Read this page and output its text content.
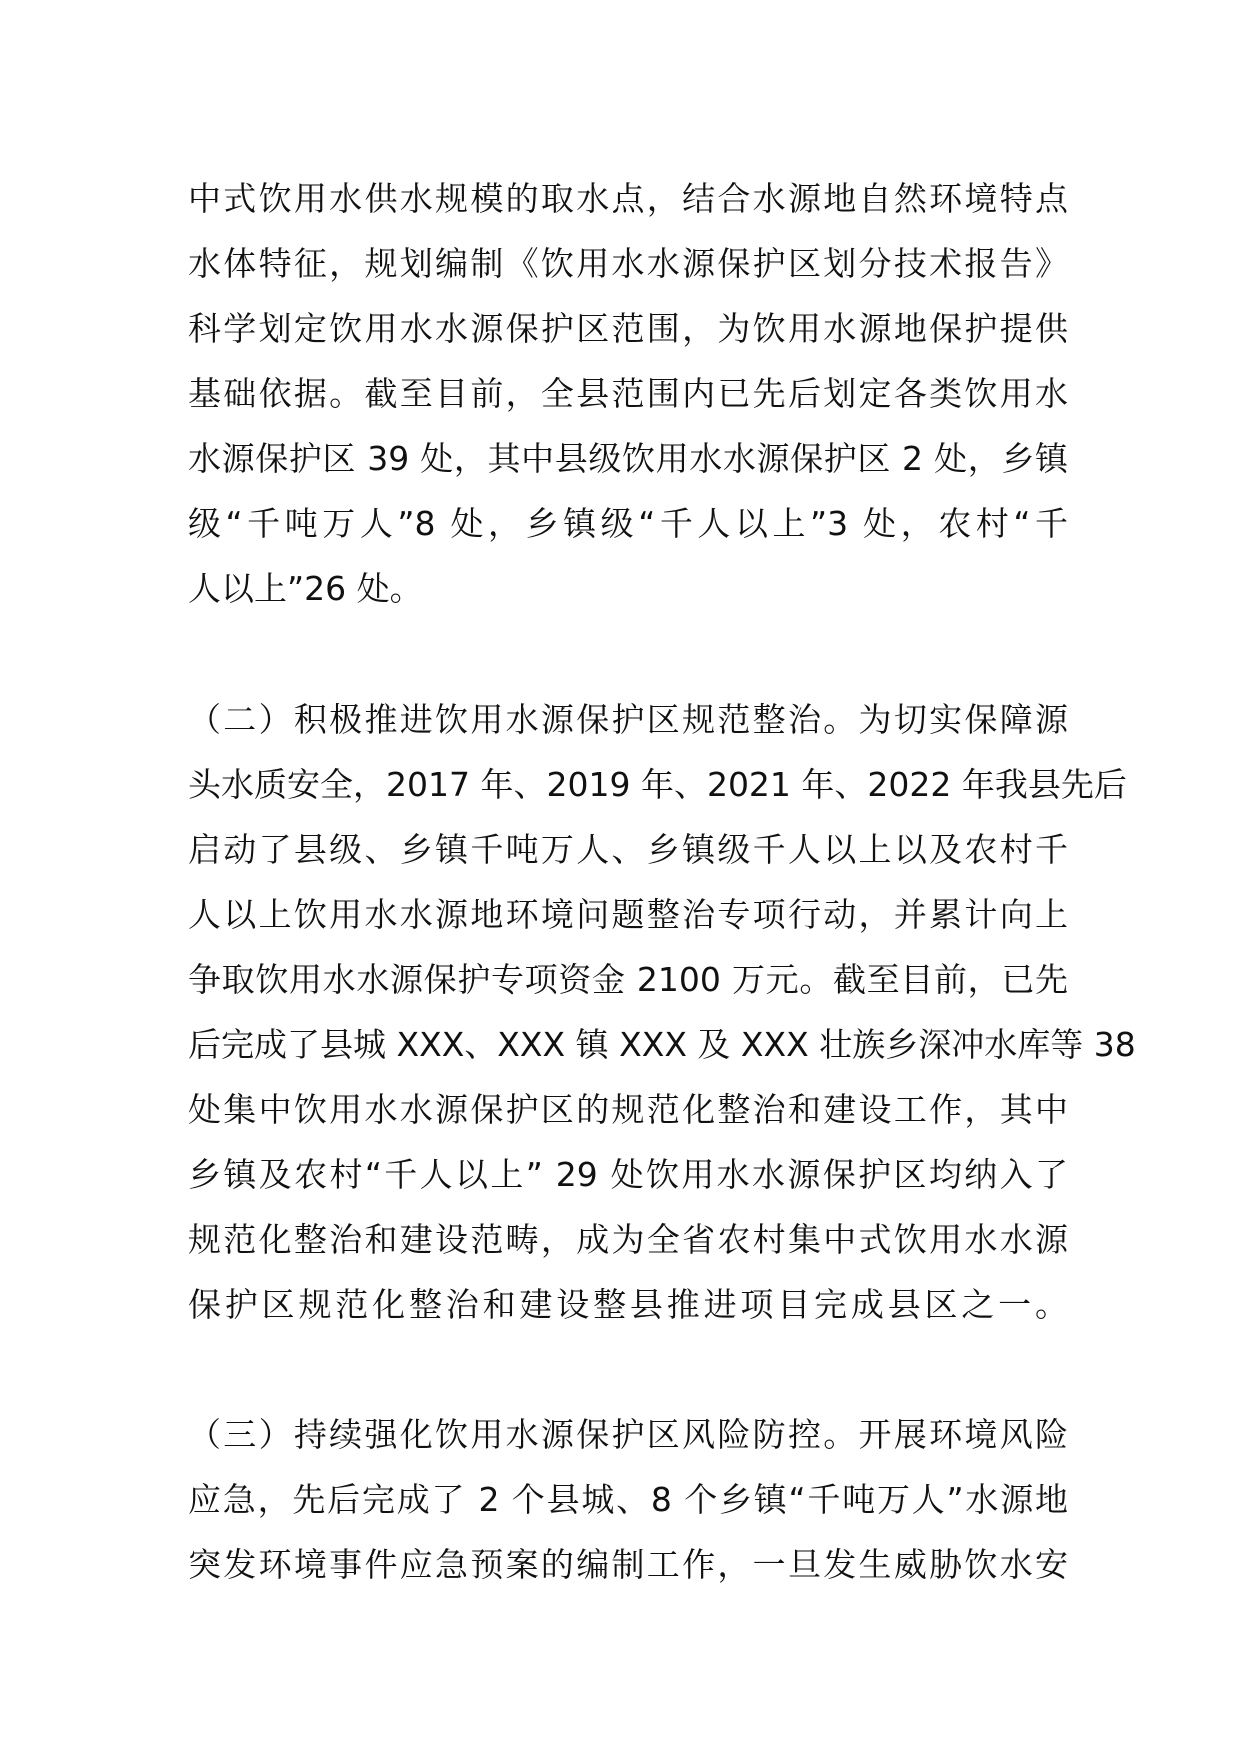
中式饮用水供水规模的取水点，结合水源地自然环境特点
水体特征，规划编制《饮用水水源保护区划分技术报告》
科学划定饮用水水源保护区范围，为饮用水源地保护提供
基础依据。截至目前，全县范围内已先后划定各类饮用水
水源保护区 39 处，其中县级饮用水水源保护区 2 处，乡镇
级“千吨万人”8 处，乡镇级“千人以上”3 处，农村“千
人以上”26 处。
（二）积极推进饮用水源保护区规范整治。为切实保障源
头水质安全，2017 年、2019 年、2021 年、2022 年我县先后
启动了县级、乡镇千吨万人、乡镇级千人以上以及农村千
人以上饮用水水源地环境问题整治专项行动，并累计向上
争取饮用水水源保护专项资金 2100 万元。截至目前，已先
后完成了县城 XXX、XXX 镇 XXX 及 XXX 壮族乡深冲水库等 38
处集中饮用水水源保护区的规范化整治和建设工作，其中
乡镇及农村“千人以上” 29 处饮用水水源保护区均纳入了
规范化整治和建设范畴，成为全省农村集中式饮用水水源
保护区规范化整治和建设整县推进项目完成县区之一。
（三）持续强化饮用水源保护区风险防控。开展环境风险
应急，先后完成了 2 个县城、8 个乡镇“千吨万人”水源地
突发环境事件应急预案的编制工作，一旦发生威胁饮水安
